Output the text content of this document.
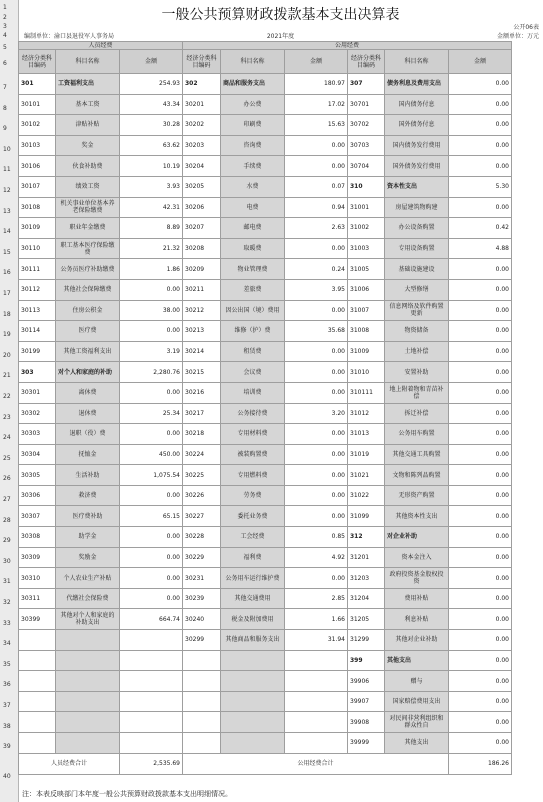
1
2
3
4
5
6
7
8
9
10
11
12
13
14
15
16
17
18
19
20
21
22
23
24
25
26
27
28
29
30
31
32
33
34
35
36
37
38
39
40
一般公共预算财政拨款基本支出决算表
公开06表
编制单位：渝口县退役军人事务局	2021年度	金额单位：万元
人员经费			公用经费					
经济分类科目编码	科目名称	金额	经济分类科目编码	科目名称	金额	经济分类科目编码	科目名称	金额
301	工资福利支出	254.93	302	商品和服务支出	180.97	307	债务利息及费用支出	0.00
30101	基本工资	43.34	30201	办公费	17.02	30701	国内债务付息	0.00
30102	津贴补贴	30.28	30202	印刷费	15.63	30702	国外债务付息	0.00
30103	奖金	63.62	30203	咨询费	0.00	30703	国内债务发行费用	0.00
30106	伙食补助费	10.19	30204	手续费	0.00	30704	国外债务发行费用	0.00
30107	绩效工资	3.93	30205	水费	0.07	310	资本性支出	5.30
30108	机关事业单位基本养老保险缴费	42.31	30206	电费	0.94	31001	房屋建筑物购建	0.00
30109	职业年金缴费	8.89	30207	邮电费	2.63	31002	办公设备购置	0.42
30110	职工基本医疗保险缴费	21.32	30208	取暖费	0.00	31003	专用设备购置	4.88
30111	公务员医疗补助缴费	1.86	30209	物业管理费	0.24	31005	基础设施建设	0.00
30112	其他社会保障缴费	0.00	30211	差旅费	3.95	31006	大型修缮	0.00
30113	住房公积金	38.00	30212	因公出国（境）费用	0.00	31007	信息网络及软件购置更新	0.00
30114	医疗费	0.00	30213	维修（护）费	35.68	31008	物资储备	0.00
30199	其他工资福利支出	3.19	30214	租赁费	0.00	31009	土地补偿	0.00
303	对个人和家庭的补助	2,280.76	30215	会议费	0.00	31010	安置补助	0.00
30301	离休费	0.00	30216	培训费	0.00	310111	地上附着物和青苗补偿	0.00
30302	退休费	25.34	30217	公务接待费	3.20	31012	拆迁补偿	0.00
30303	退职（役）费	0.00	30218	专用材料费	0.00	31013	公务用车购置	0.00
30304	抚恤金	450.00	30224	被装购置费	0.00	31019	其他交通工具购置	0.00
30305	生活补助	1,075.54	30225	专用燃料费	0.00	31021	文物和陈列品购置	0.00
30306	救济费	0.00	30226	劳务费	0.00	31022	无形资产购置	0.00
30307	医疗费补助	65.15	30227	委托业务费	0.00	31099	其他资本性支出	0.00
30308	助学金	0.00	30228	工会经费	0.85	312	对企业补助	0.00
30309	奖励金	0.00	30229	福利费	4.92	31201	资本金注入	0.00
30310	个人农业生产补贴	0.00	30231	公务用车运行维护费	0.00	31203	政府投资基金股权投资	0.00
30311	代缴社会保险费	0.00	30239	其他交通费用	2.85	31204	费用补贴	0.00
30399	其他对个人和家庭的补助支出	664.74	30240	税金及附加费用	1.66	31205	利息补贴	0.00
			30299	其他商品和服务支出	31.94	31299	其他对企业补助	0.00
						399	其他支出	0.00
						39906	赠与	0.00
						39907	国家赔偿费用支出	0.00
						39908	对民间非营利组织和群众性自	0.00
						39999	其他支出	0.00
人员经费合计		2,535.69	公用经费合计					186.26
注：本表反映部门本年度一般公共预算财政拨款基本支出明细情况。
